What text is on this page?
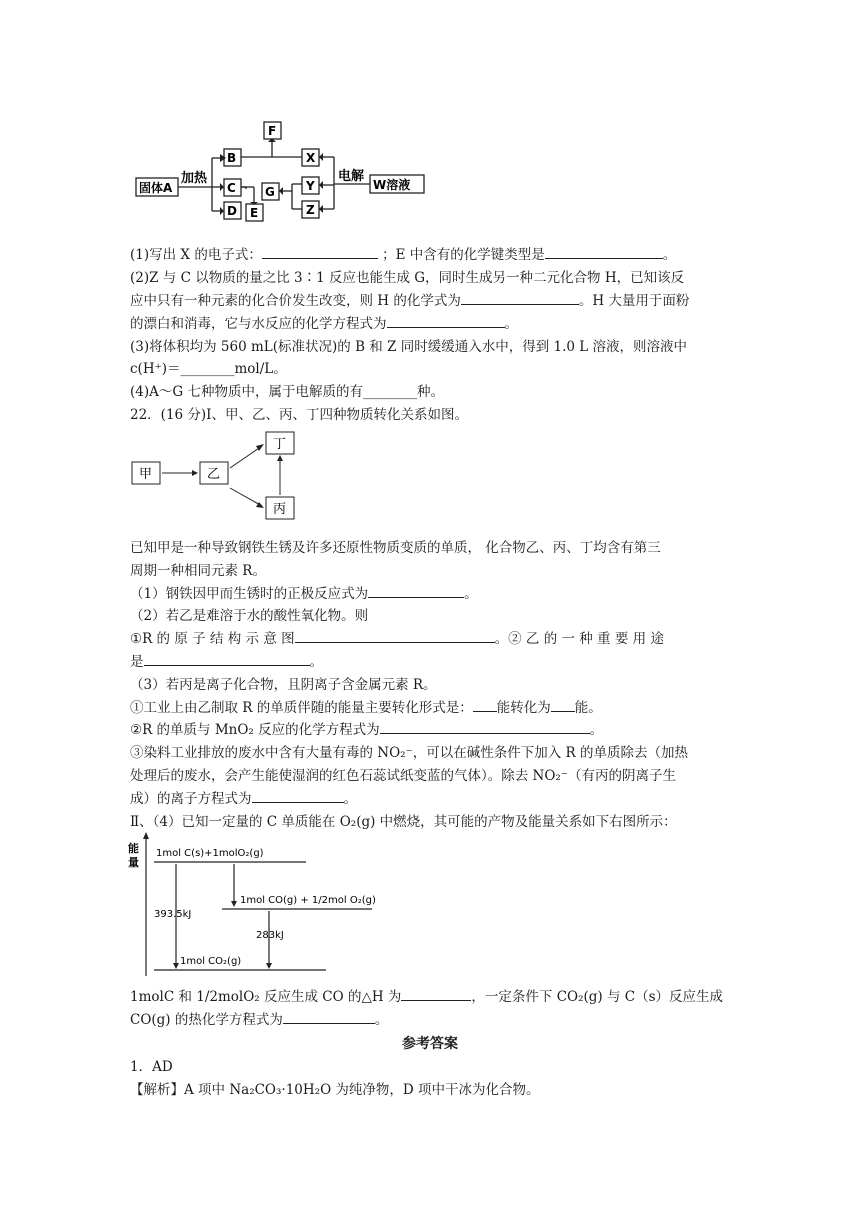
固体A
加热
B
C
D
F
X
G
E
Y
Z
电解
W溶液
(1)写出 X 的电子式：	；E 中含有的化学键类型是	。
(2)Z 与 C 以物质的量之比 3∶1 反应也能生成 G，同时生成另一种二元化合物 H，已知该反
应中只有一种元素的化合价发生改变，则 H 的化学式为	。H 大量用于面粉
的漂白和消毒，它与水反应的化学方程式为	。
(3)将体积均为 560 mL(标准状况)的 B 和 Z 同时缓缓通入水中，得到 1.0 L 溶液，则溶液中
c(H⁺)＝________mol/L。
(4)A～G 七种物质中，属于电解质的有________种。
22．(16 分)Ⅰ、甲、乙、丙、丁四种物质转化关系如图。
甲	乙
丁
丙
已知甲是一种导致钢铁生锈及许多还原性物质变质的单质， 化合物乙、丙、丁均含有第三
周期一种相同元素 R。
（1）钢铁因甲而生锈时的正极反应式为	。
（2）若乙是难溶于水的酸性氧化物。则
①R 的 原 子 结 构 示 意 图	。② 乙 的 一 种 重 要 用 途
是	。
（3）若丙是离子化合物，且阴离子含金属元素 R。
①工业上由乙制取 R 的单质伴随的能量主要转化形式是： 能转化为 能。
②R 的单质与 MnO₂ 反应的化学方程式为	。
③染料工业排放的废水中含有大量有毒的 NO₂⁻，可以在碱性条件下加入 R 的单质除去（加热
处理后的废水，会产生能使湿润的红色石蕊试纸变蓝的气体）。除去 NO₂⁻（有丙的阴离子生
成）的离子方程式为	。
Ⅱ、（4）已知一定量的 C 单质能在 O₂(g) 中燃烧，其可能的产物及能量关系如下右图所示：
能
量
1mol C(s)+1molO₂(g)
1mol CO(g) + 1/2mol O₂(g)
1mol CO₂(g)
393.5kJ
283kJ
1molC 和 1/2molO₂ 反应生成 CO 的△H 为	，一定条件下 CO₂(g) 与 C（s）反应生成
CO(g) 的热化学方程式为	。
参考答案
1．AD
【解析】A 项中 Na₂CO₃·10H₂O 为纯净物，D 项中干冰为化合物。
